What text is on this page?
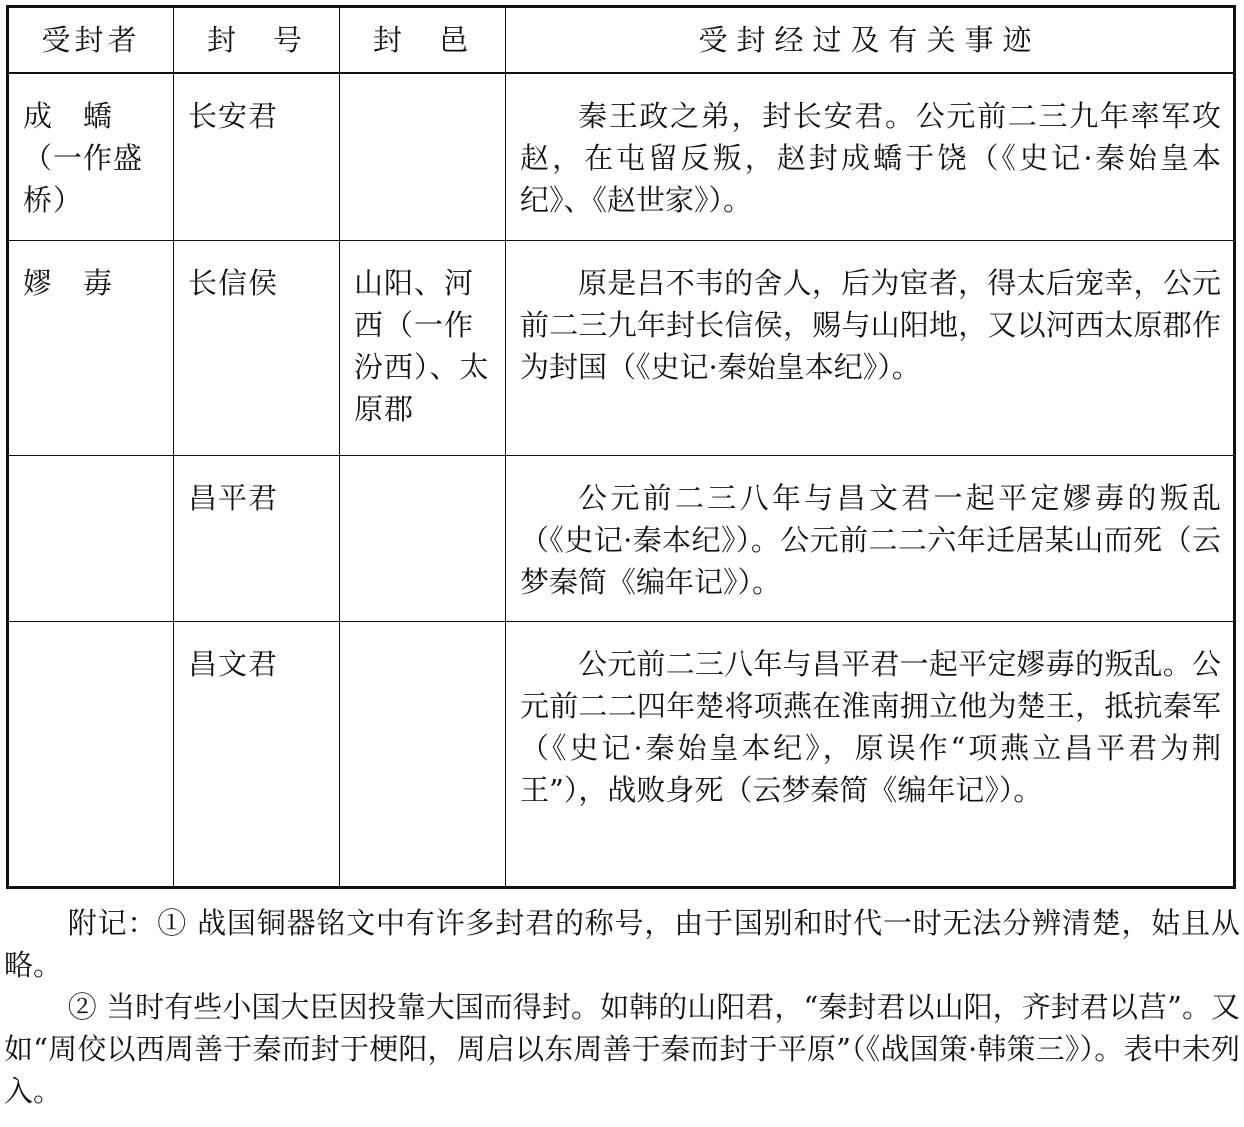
受封者	封　号	封　邑	受封经过及有关事迹
成　蟜（一作盛桥）	长安君		秦王政之弟，封长安君。公元前二三九年率军攻赵，在屯留反叛，赵封成蟜于饶（《史记·秦始皇本纪》、《赵世家》）。
嫪　毐	长信侯	山阳、河西（一作汾西）、太原郡	原是吕不韦的舍人，后为宦者，得太后宠幸，公元前二三九年封长信侯，赐与山阳地，又以河西太原郡作为封国（《史记·秦始皇本纪》）。
	昌平君		公元前二三八年与昌文君一起平定嫪毐的叛乱（《史记·秦本纪》）。公元前二二六年迁居某山而死（云梦秦简《编年记》）。
	昌文君		公元前二三八年与昌平君一起平定嫪毐的叛乱。公元前二二四年楚将项燕在淮南拥立他为楚王，抵抗秦军（《史记·秦始皇本纪》，原误作“项燕立昌平君为荆王”），战败身死（云梦秦简《编年记》）。

附记：① 战国铜器铭文中有许多封君的称号，由于国别和时代一时无法分辨清楚，姑且从略。

② 当时有些小国大臣因投靠大国而得封。如韩的山阳君，“秦封君以山阳，齐封君以莒”。又如“周佼以西周善于秦而封于梗阳，周启以东周善于秦而封于平原”（《战国策·韩策三》）。表中未列入。
